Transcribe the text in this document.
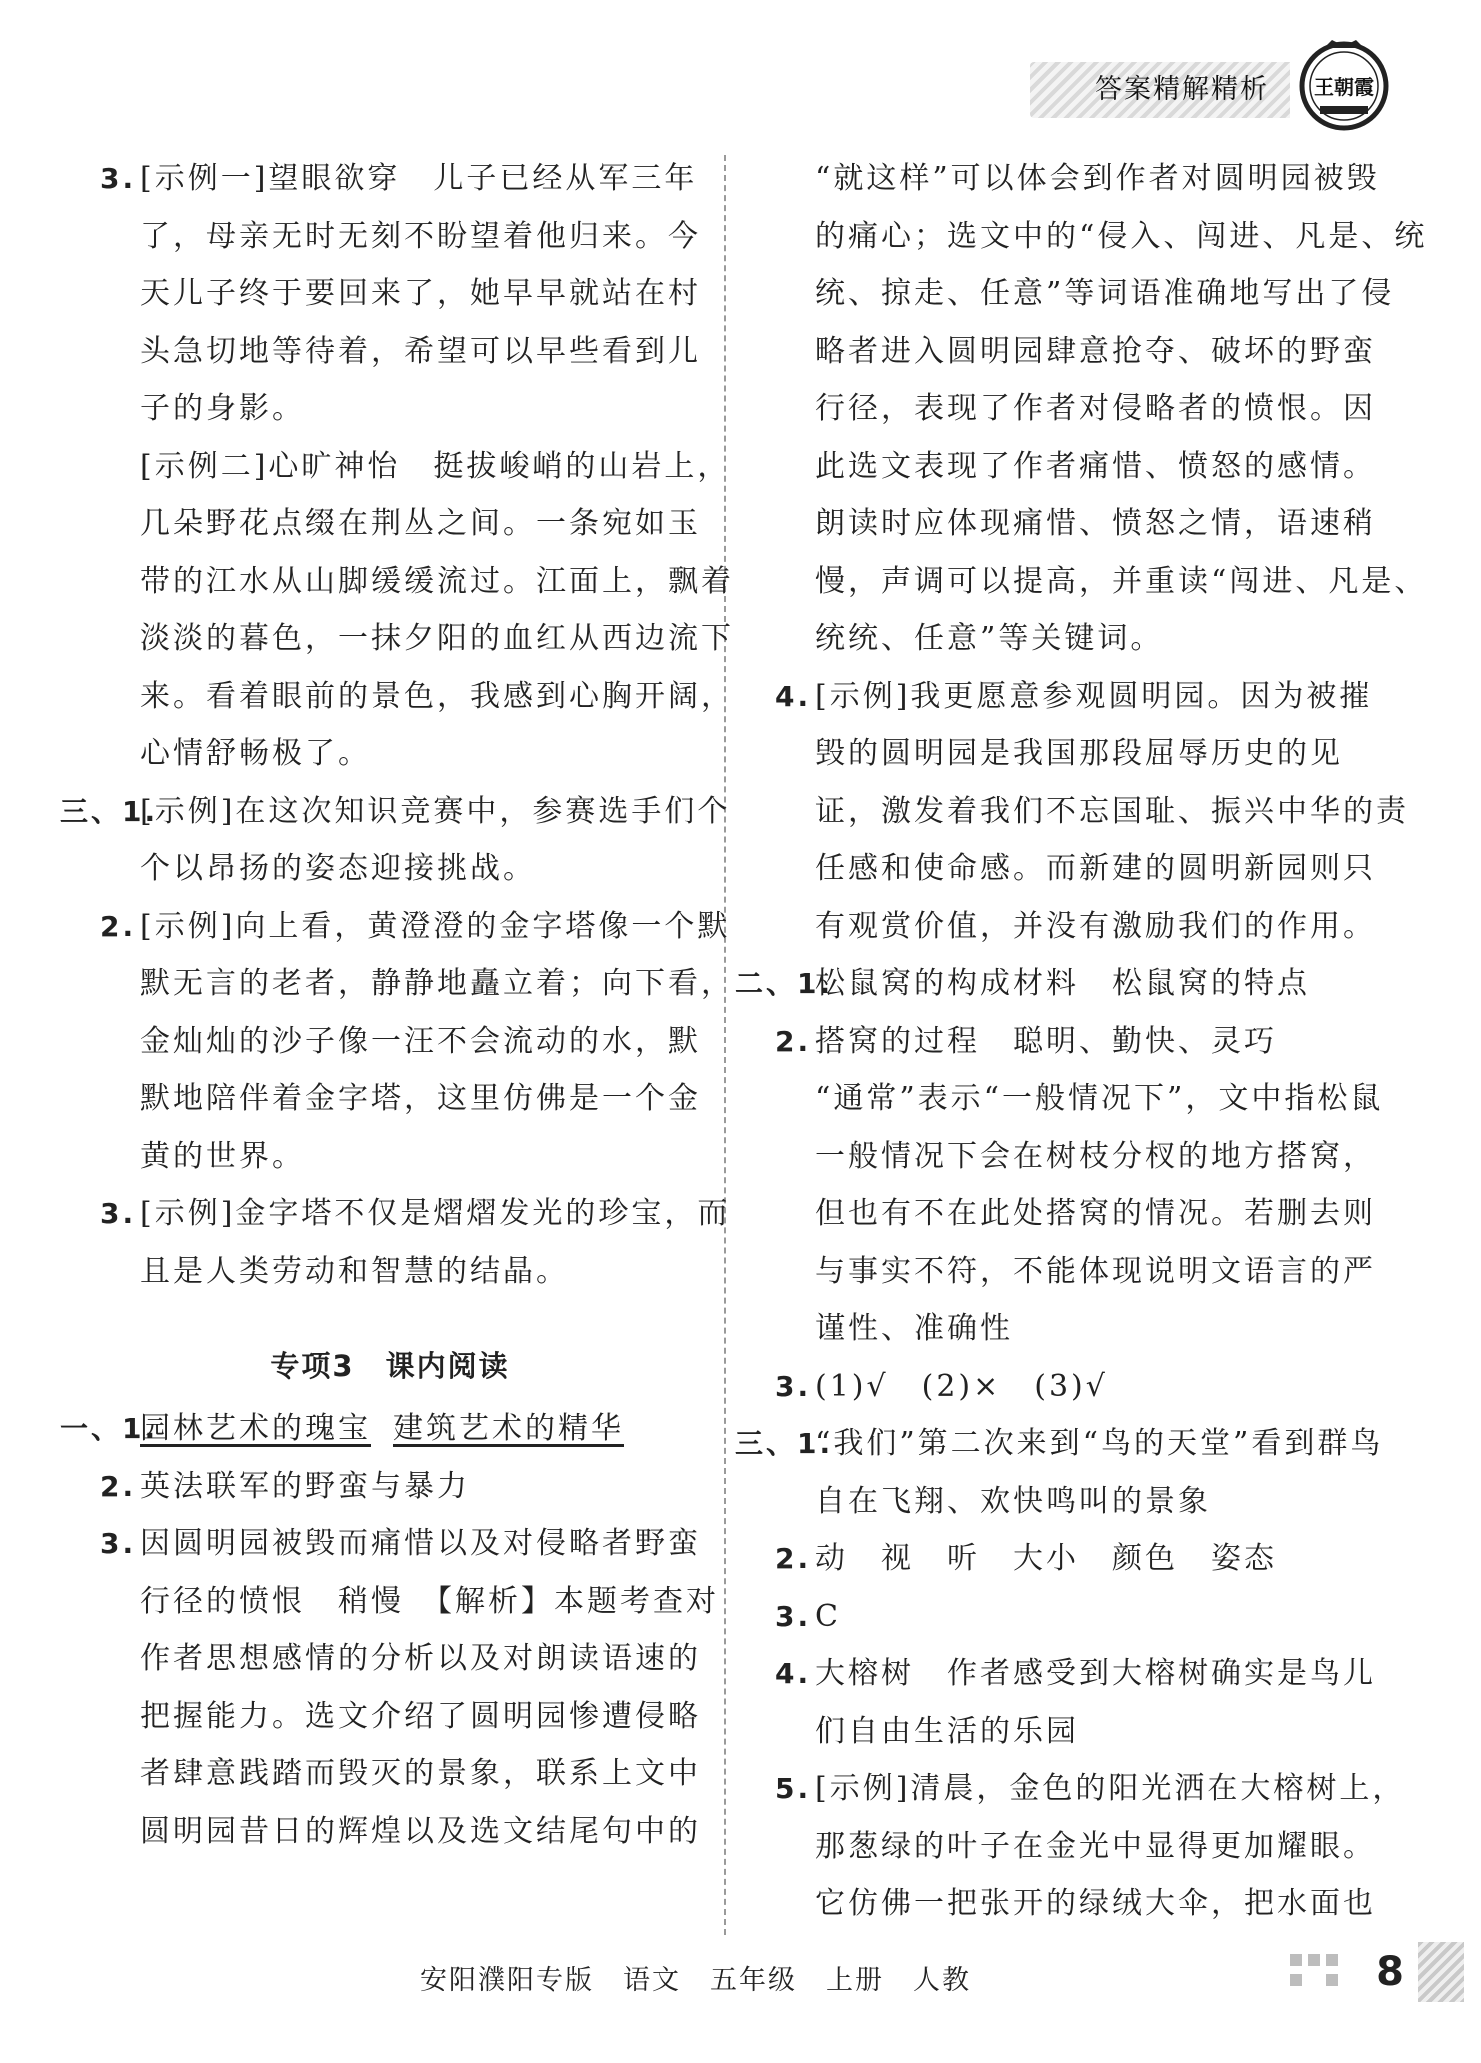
答案精解精析	王朝霞
3. [示例一]望眼欲穿　儿子已经从军三年
了，母亲无时无刻不盼望着他归来。今
天儿子终于要回来了，她早早就站在村
头急切地等待着，希望可以早些看到儿
子的身影。
[示例二]心旷神怡　挺拔峻峭的山岩上，
几朵野花点缀在荆丛之间。一条宛如玉
带的江水从山脚缓缓流过。江面上，飘着
淡淡的暮色，一抹夕阳的血红从西边流下
来。看着眼前的景色，我感到心胸开阔，
心情舒畅极了。
三、1.
[示例]在这次知识竞赛中，参赛选手们个
个以昂扬的姿态迎接挑战。
2. [示例]向上看，黄澄澄的金字塔像一个默
默无言的老者，静静地矗立着；向下看，
金灿灿的沙子像一汪不会流动的水，默
默地陪伴着金字塔，这里仿佛是一个金
黄的世界。
3. [示例]金字塔不仅是熠熠发光的珍宝，而
且是人类劳动和智慧的结晶。
专项3　课内阅读
一、1.
园林艺术的瑰宝 建筑艺术的精华
2. 英法联军的野蛮与暴力
3. 因圆明园被毁而痛惜以及对侵略者野蛮
行径的愤恨　稍慢　【解析】本题考查对
作者思想感情的分析以及对朗读语速的
把握能力。选文介绍了圆明园惨遭侵略
者肆意践踏而毁灭的景象，联系上文中
圆明园昔日的辉煌以及选文结尾句中的
“就这样”可以体会到作者对圆明园被毁
的痛心；选文中的“侵入、闯进、凡是、统
统、掠走、任意”等词语准确地写出了侵
略者进入圆明园肆意抢夺、破坏的野蛮
行径，表现了作者对侵略者的愤恨。因
此选文表现了作者痛惜、愤怒的感情。
朗读时应体现痛惜、愤怒之情，语速稍
慢，声调可以提高，并重读“闯进、凡是、
统统、任意”等关键词。
4. [示例]我更愿意参观圆明园。因为被摧
毁的圆明园是我国那段屈辱历史的见
证，激发着我们不忘国耻、振兴中华的责
任感和使命感。而新建的圆明新园则只
有观赏价值，并没有激励我们的作用。
二、1.
松鼠窝的构成材料　松鼠窝的特点
2. 搭窝的过程　聪明、勤快、灵巧
“通常”表示“一般情况下”，文中指松鼠
一般情况下会在树枝分杈的地方搭窝，
但也有不在此处搭窝的情况。若删去则
与事实不符，不能体现说明文语言的严
谨性、准确性
3. (1)√　(2)×　(3)√
三、1.
“我们”第二次来到“鸟的天堂”看到群鸟
自在飞翔、欢快鸣叫的景象
2. 动　视　听　大小　颜色　姿态
3. C
4. 大榕树　作者感受到大榕树确实是鸟儿
们自由生活的乐园
5. [示例]清晨，金色的阳光洒在大榕树上，
那葱绿的叶子在金光中显得更加耀眼。
它仿佛一把张开的绿绒大伞，把水面也
安阳濮阳专版　语文　五年级　上册　人教	8
